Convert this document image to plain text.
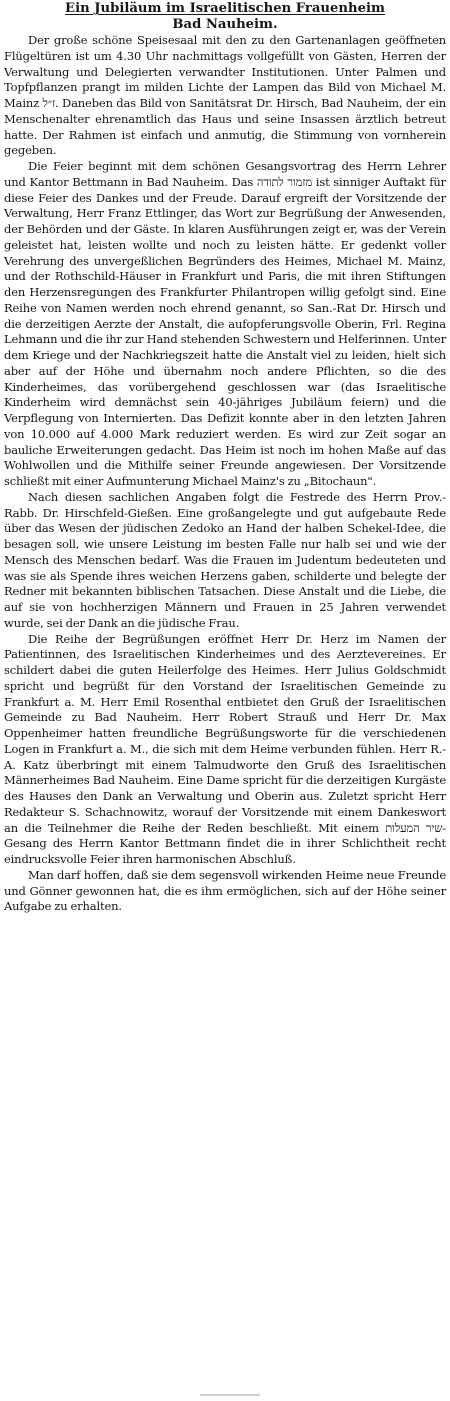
Ein Jubiläum im Israelitischen Frauenheim
Bad Nauheim.

Der große schöne Speisesaal mit den zu den Gartenanlagen geöffneten Flügeltüren ist um 4.30 Uhr nachmittags vollgefüllt von Gästen, Herren der Verwaltung und Delegierten verwandter Institutionen. Unter Palmen und Topfpflanzen prangt im milden Lichte der Lampen das Bild von Michael M. Mainz ז״ל. Daneben das Bild von Sanitätsrat Dr. Hirsch, Bad Nauheim, der ein Menschenalter ehrenamtlich das Haus und seine Insassen ärztlich betreut hatte. Der Rahmen ist einfach und anmutig, die Stimmung von vornherein gegeben.

Die Feier beginnt mit dem schönen Gesangsvortrag des Herrn Lehrer und Kantor Bettmann in Bad Nauheim. Das מזמור לתודה ist sinniger Auftakt für diese Feier des Dankes und der Freude. Darauf ergreift der Vorsitzende der Verwaltung, Herr Franz Ettlinger, das Wort zur Begrüßung der Anwesenden, der Behörden und der Gäste. In klaren Ausführungen zeigt er, was der Verein geleistet hat, leisten wollte und noch zu leisten hätte. Er gedenkt voller Verehrung des unvergeßlichen Begründers des Heimes, Michael M. Mainz, und der Rothschild-Häuser in Frankfurt und Paris, die mit ihren Stiftungen den Herzensregungen des Frankfurter Philantropen willig gefolgt sind. Eine Reihe von Namen werden noch ehrend genannt, so San.-Rat Dr. Hirsch und die derzeitigen Aerzte der Anstalt, die aufopferungsvolle Oberin, Frl. Regina Lehmann und die ihr zur Hand stehenden Schwestern und Helferinnen. Unter dem Kriege und der Nachkriegszeit hatte die Anstalt viel zu leiden, hielt sich aber auf der Höhe und übernahm noch andere Pflichten, so die des Kinderheimes, das vorübergehend geschlossen war (das Israelitische Kinderheim wird demnächst sein 40-jähriges Jubiläum feiern) und die Verpflegung von Internierten. Das Defizit konnte aber in den letzten Jahren von 10.000 auf 4.000 Mark reduziert werden. Es wird zur Zeit sogar an bauliche Erweiterungen gedacht. Das Heim ist noch im hohen Maße auf das Wohlwollen und die Mithilfe seiner Freunde angewiesen. Der Vorsitzende schließt mit einer Aufmunterung Michael Mainz's zu „Bitochaun".

Nach diesen sachlichen Angaben folgt die Festrede des Herrn Prov.-Rabb. Dr. Hirschfeld-Gießen. Eine großangelegte und gut aufgebaute Rede über das Wesen der jüdischen Zedoko an Hand der halben Schekel-Idee, die besagen soll, wie unsere Leistung im besten Falle nur halb sei und wie der Mensch des Menschen bedarf. Was die Frauen im Judentum bedeuteten und was sie als Spende ihres weichen Herzens gaben, schilderte und belegte der Redner mit bekannten biblischen Tatsachen. Diese Anstalt und die Liebe, die auf sie von hochherzigen Männern und Frauen in 25 Jahren verwendet wurde, sei der Dank an die jüdische Frau.

Die Reihe der Begrüßungen eröffnet Herr Dr. Herz im Namen der Patientinnen, des Israelitischen Kinderheimes und des Aerztevereines. Er schildert dabei die guten Heilerfolge des Heimes. Herr Julius Goldschmidt spricht und begrüßt für den Vorstand der Israelitischen Gemeinde zu Frankfurt a. M. Herr Emil Rosenthal entbietet den Gruß der Israelitischen Gemeinde zu Bad Nauheim. Herr Robert Strauß und Herr Dr. Max Oppenheimer hatten freundliche Begrüßungsworte für die verschiedenen Logen in Frankfurt a. M., die sich mit dem Heime verbunden fühlen. Herr R.-A. Katz überbringt mit einem Talmudworte den Gruß des Israelitischen Männerheimes Bad Nauheim. Eine Dame spricht für die derzeitigen Kurgäste des Hauses den Dank an Verwaltung und Oberin aus. Zuletzt spricht Herr Redakteur S. Schachnowitz, worauf der Vorsitzende mit einem Dankeswort an die Teilnehmer die Reihe der Reden beschließt. Mit einem שיר המעלות-Gesang des Herrn Kantor Bettmann findet die in ihrer Schlichtheit recht eindrucksvolle Feier ihren harmonischen Abschluß.

Man darf hoffen, daß sie dem segensvoll wirkenden Heime neue Freunde und Gönner gewonnen hat, die es ihm ermöglichen, sich auf der Höhe seiner Aufgabe zu erhalten.
